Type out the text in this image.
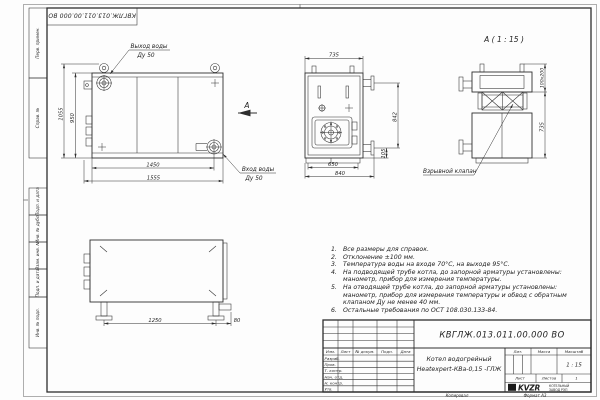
Перв. примен.
Справ. №
Подп. и дата
Инв. № дубл.
Взам. инв. №
Подп. и дата
Инв. № подл.
КВГЛЖ.013.011.00.000 ВО
1055 950
1450
1555
Выход воды
Ду 50
Вход воды
Ду 50
А
735
650
840
842
105
А ( 1 : 15 )
100х200
735
Взрывной клапан
1250	80
Изм. Лист № докум. Подп. Дата
Разраб.
Пров.
Т. контр.
Нач. отд.
Н. контр.
Утв.
КВГЛЖ.013.011.00.000 ВО
Котел водогрейный
Heatexpert-КВа-0,15 -ГЛЖ
Лит.	Масса	Масштаб
1 : 15
Лист	Листов	1
KVZR	КОТЕЛЬНЫЙ
ЗАВОД РЭП
Копировал	Формат А3
1. Все размеры для справок.
2. Отклонение ±100 мм.
3. Температура воды на входе 70°С, на выходе 95°С.
4. На подводящей трубе котла, до запорной арматуры установлены:
манометр, прибор для измерения температуры.
5. На отводящей трубе котла, до запорной арматуры установлены:
манометр, прибор для измерения температуры и обвод с обратным
клапаном Ду не менее 40 мм.
6. Остальные требования по ОСТ 108.030.133-84.
